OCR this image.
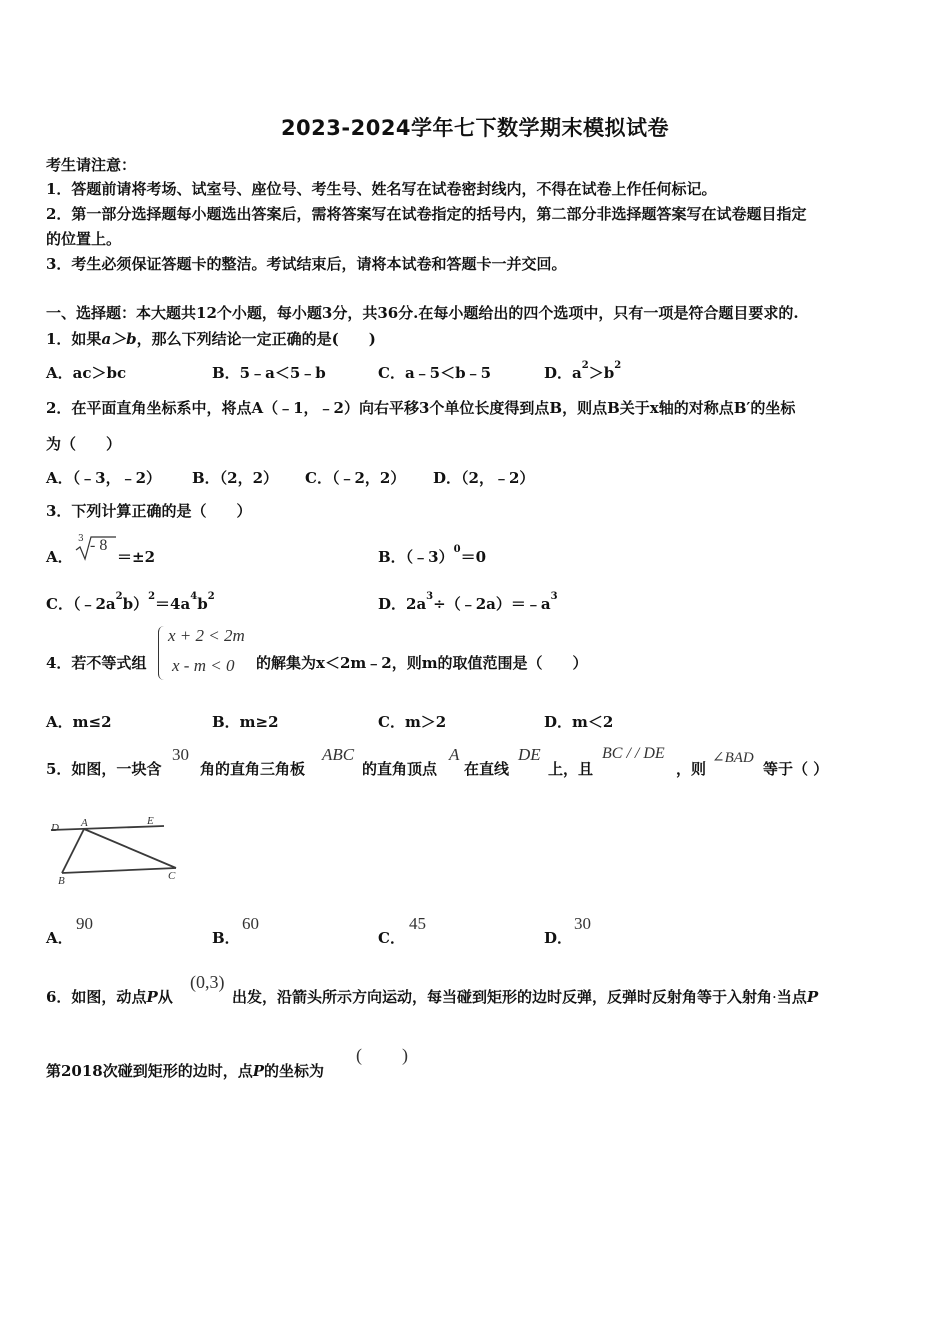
2023-2024学年七下数学期末模拟试卷
考生请注意：
1．答题前请将考场、试室号、座位号、考生号、姓名写在试卷密封线内，不得在试卷上作任何标记。
2．第一部分选择题每小题选出答案后，需将答案写在试卷指定的括号内，第二部分非选择题答案写在试卷题目指定
的位置上。
3．考生必须保证答题卡的整洁。考试结束后，请将本试卷和答题卡一并交回。
一、选择题：本大题共12个小题，每小题3分，共36分.在每小题给出的四个选项中，只有一项是符合题目要求的.
1．如果a＞b，那么下列结论一定正确的是(　　)
A．ac＞bc	B．5﹣a＜5﹣b	C．a﹣5＜b﹣5	D．$a^2>b^2$
2．在平面直角坐标系中，将点A（﹣1，﹣2）向右平移3个单位长度得到点B，则点B关于x轴的对称点B′的坐标
为（　　）
A．（﹣3，﹣2） B．（2，2） C．（﹣2，2） D．（2，﹣2）
3．下列计算正确的是（　　）
A．
3 - 8
＝±2	B．（﹣3）$^0$＝0
C．$(﹣2a^2b)^2=4a^4b^2$	D．$2a^3\div(﹣2a)=﹣a^3$
4．若不等式组
x + 2 < 2m
x - m < 0 的解集为x＜2m﹣2，则m的取值范围是（　　）
A．m≤2	B．m≥2	C．m＞2	D．m＜2
5．如图，一块含
30
角的直角三角板
ABC
的直角顶点
A
在直线
DE
上，且
BC / / DE
，则
∠BAD
等于（ ）
D A	E
B	C
A．
90
B．
60
C．
45
D．
30
6．如图，动点P从
(0,3)
出发，沿箭头所示方向运动，每当碰到矩形的边时反弹，反弹时反射角等于入射角·当点P
第2018次碰到矩形的边时，点P的坐标为
( )
